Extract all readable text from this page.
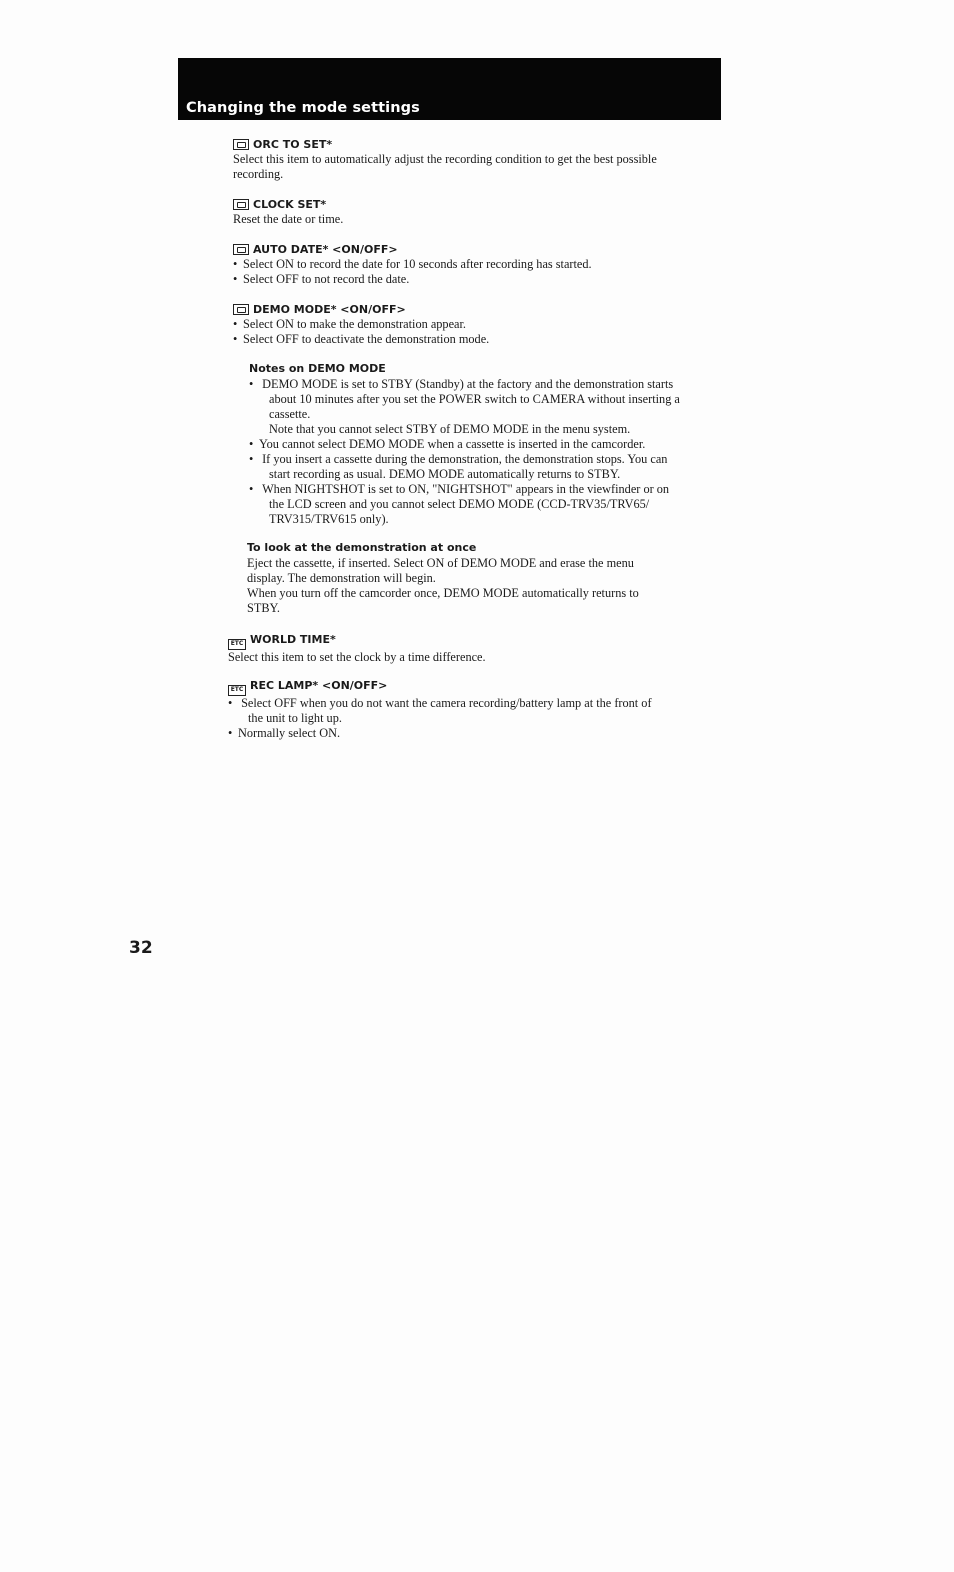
Changing the mode settings
ORC TO SET*
Select this item to automatically adjust the recording condition to get the best possible
recording.
CLOCK SET*
Reset the date or time.
AUTO DATE* <ON/OFF>
• Select ON to record the date for 10 seconds after recording has started.
• Select OFF to not record the date.
DEMO MODE* <ON/OFF>
• Select ON to make the demonstration appear.
• Select OFF to deactivate the demonstration mode.
Notes on DEMO MODE
• DEMO MODE is set to STBY (Standby) at the factory and the demonstration starts
about 10 minutes after you set the POWER switch to CAMERA without inserting a
cassette.
Note that you cannot select STBY of DEMO MODE in the menu system.
• You cannot select DEMO MODE when a cassette is inserted in the camcorder.
• If you insert a cassette during the demonstration, the demonstration stops. You can
start recording as usual. DEMO MODE automatically returns to STBY.
• When NIGHTSHOT is set to ON, "NIGHTSHOT" appears in the viewfinder or on
the LCD screen and you cannot select DEMO MODE (CCD-TRV35/TRV65/
TRV315/TRV615 only).
To look at the demonstration at once
Eject the cassette, if inserted. Select ON of DEMO MODE and erase the menu
display. The demonstration will begin.
When you turn off the camcorder once, DEMO MODE automatically returns to
STBY.
ETC WORLD TIME*
Select this item to set the clock by a time difference.
ETC REC LAMP* <ON/OFF>
• Select OFF when you do not want the camera recording/battery lamp at the front of
the unit to light up.
• Normally select ON.
32
